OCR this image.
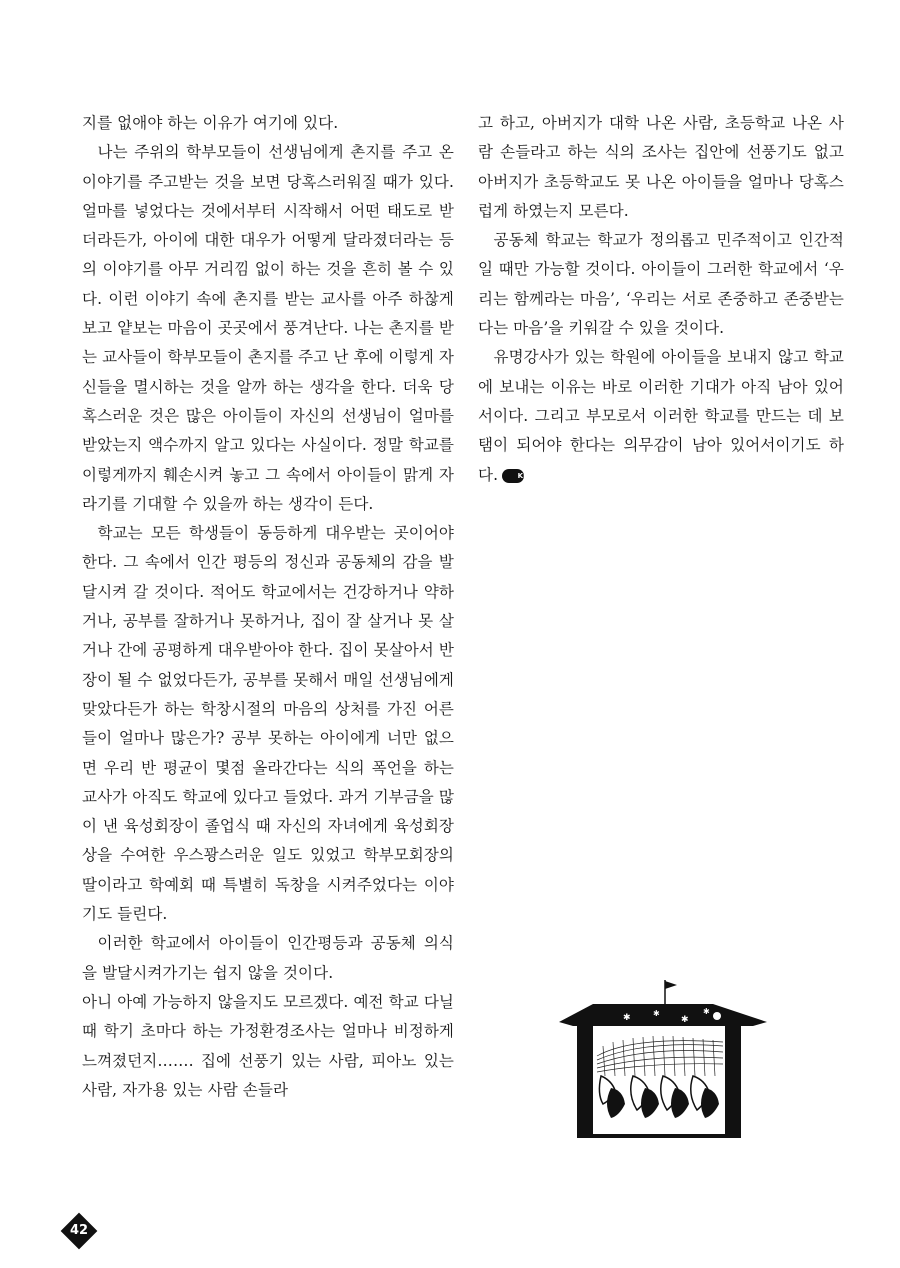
지를 없애야 하는 이유가 여기에 있다.

나는 주위의 학부모들이 선생님에게 촌지를 주고 온 이야기를 주고받는 것을 보면 당혹스러워질 때가 있다. 얼마를 넣었다는 것에서부터 시작해서 어떤 태도로 받더라든가, 아이에 대한 대우가 어떻게 달라졌더라는 등의 이야기를 아무 거리낌 없이 하는 것을 흔히 볼 수 있다. 이런 이야기 속에 촌지를 받는 교사를 아주 하찮게 보고 얕보는 마음이 곳곳에서 풍겨난다. 나는 촌지를 받는 교사들이 학부모들이 촌지를 주고 난 후에 이렇게 자신들을 멸시하는 것을 알까 하는 생각을 한다. 더욱 당혹스러운 것은 많은 아이들이 자신의 선생님이 얼마를 받았는지 액수까지 알고 있다는 사실이다. 정말 학교를 이렇게까지 훼손시켜 놓고 그 속에서 아이들이 맑게 자라기를 기대할 수 있을까 하는 생각이 든다.

학교는 모든 학생들이 동등하게 대우받는 곳이어야 한다. 그 속에서 인간 평등의 정신과 공동체의 감을 발달시켜 갈 것이다. 적어도 학교에서는 건강하거나 약하거나, 공부를 잘하거나 못하거나, 집이 잘 살거나 못 살거나 간에 공평하게 대우받아야 한다. 집이 못살아서 반장이 될 수 없었다든가, 공부를 못해서 매일 선생님에게 맞았다든가 하는 학창시절의 마음의 상처를 가진 어른들이 얼마나 많은가? 공부 못하는 아이에게 너만 없으면 우리 반 평균이 몇점 올라간다는 식의 폭언을 하는 교사가 아직도 학교에 있다고 들었다. 과거 기부금을 많이 낸 육성회장이 졸업식 때 자신의 자녀에게 육성회장상을 수여한 우스꽝스러운 일도 있었고 학부모회장의 딸이라고 학예회 때 특별히 독창을 시켜주었다는 이야기도 들린다.

이러한 학교에서 아이들이 인간평등과 공동체 의식을 발달시켜가기는 쉽지 않을 것이다.

아니 아예 가능하지 않을지도 모르겠다. 예전 학교 다닐 때 학기 초마다 하는 가정환경조사는 얼마나 비정하게 느껴졌던지……. 집에 선풍기 있는 사람, 피아노 있는 사람, 자가용 있는 사람 손들라

고 하고, 아버지가 대학 나온 사람, 초등학교 나온 사람 손들라고 하는 식의 조사는 집안에 선풍기도 없고 아버지가 초등학교도 못 나온 아이들을 얼마나 당혹스럽게 하였는지 모른다.

공동체 학교는 학교가 정의롭고 민주적이고 인간적일 때만 가능할 것이다. 아이들이 그러한 학교에서 ‘우리는 함께라는 마음’, ‘우리는 서로 존중하고 존중받는다는 마음’을 키워갈 수 있을 것이다.

유명강사가 있는 학원에 아이들을 보내지 않고 학교에 보내는 이유는 바로 이러한 기대가 아직 남아 있어서이다. 그리고 부모로서 이러한 학교를 만드는 데 보탬이 되어야 한다는 의무감이 남아 있어서이기도 하다.	KED

✱	✱
✱
✱
42
